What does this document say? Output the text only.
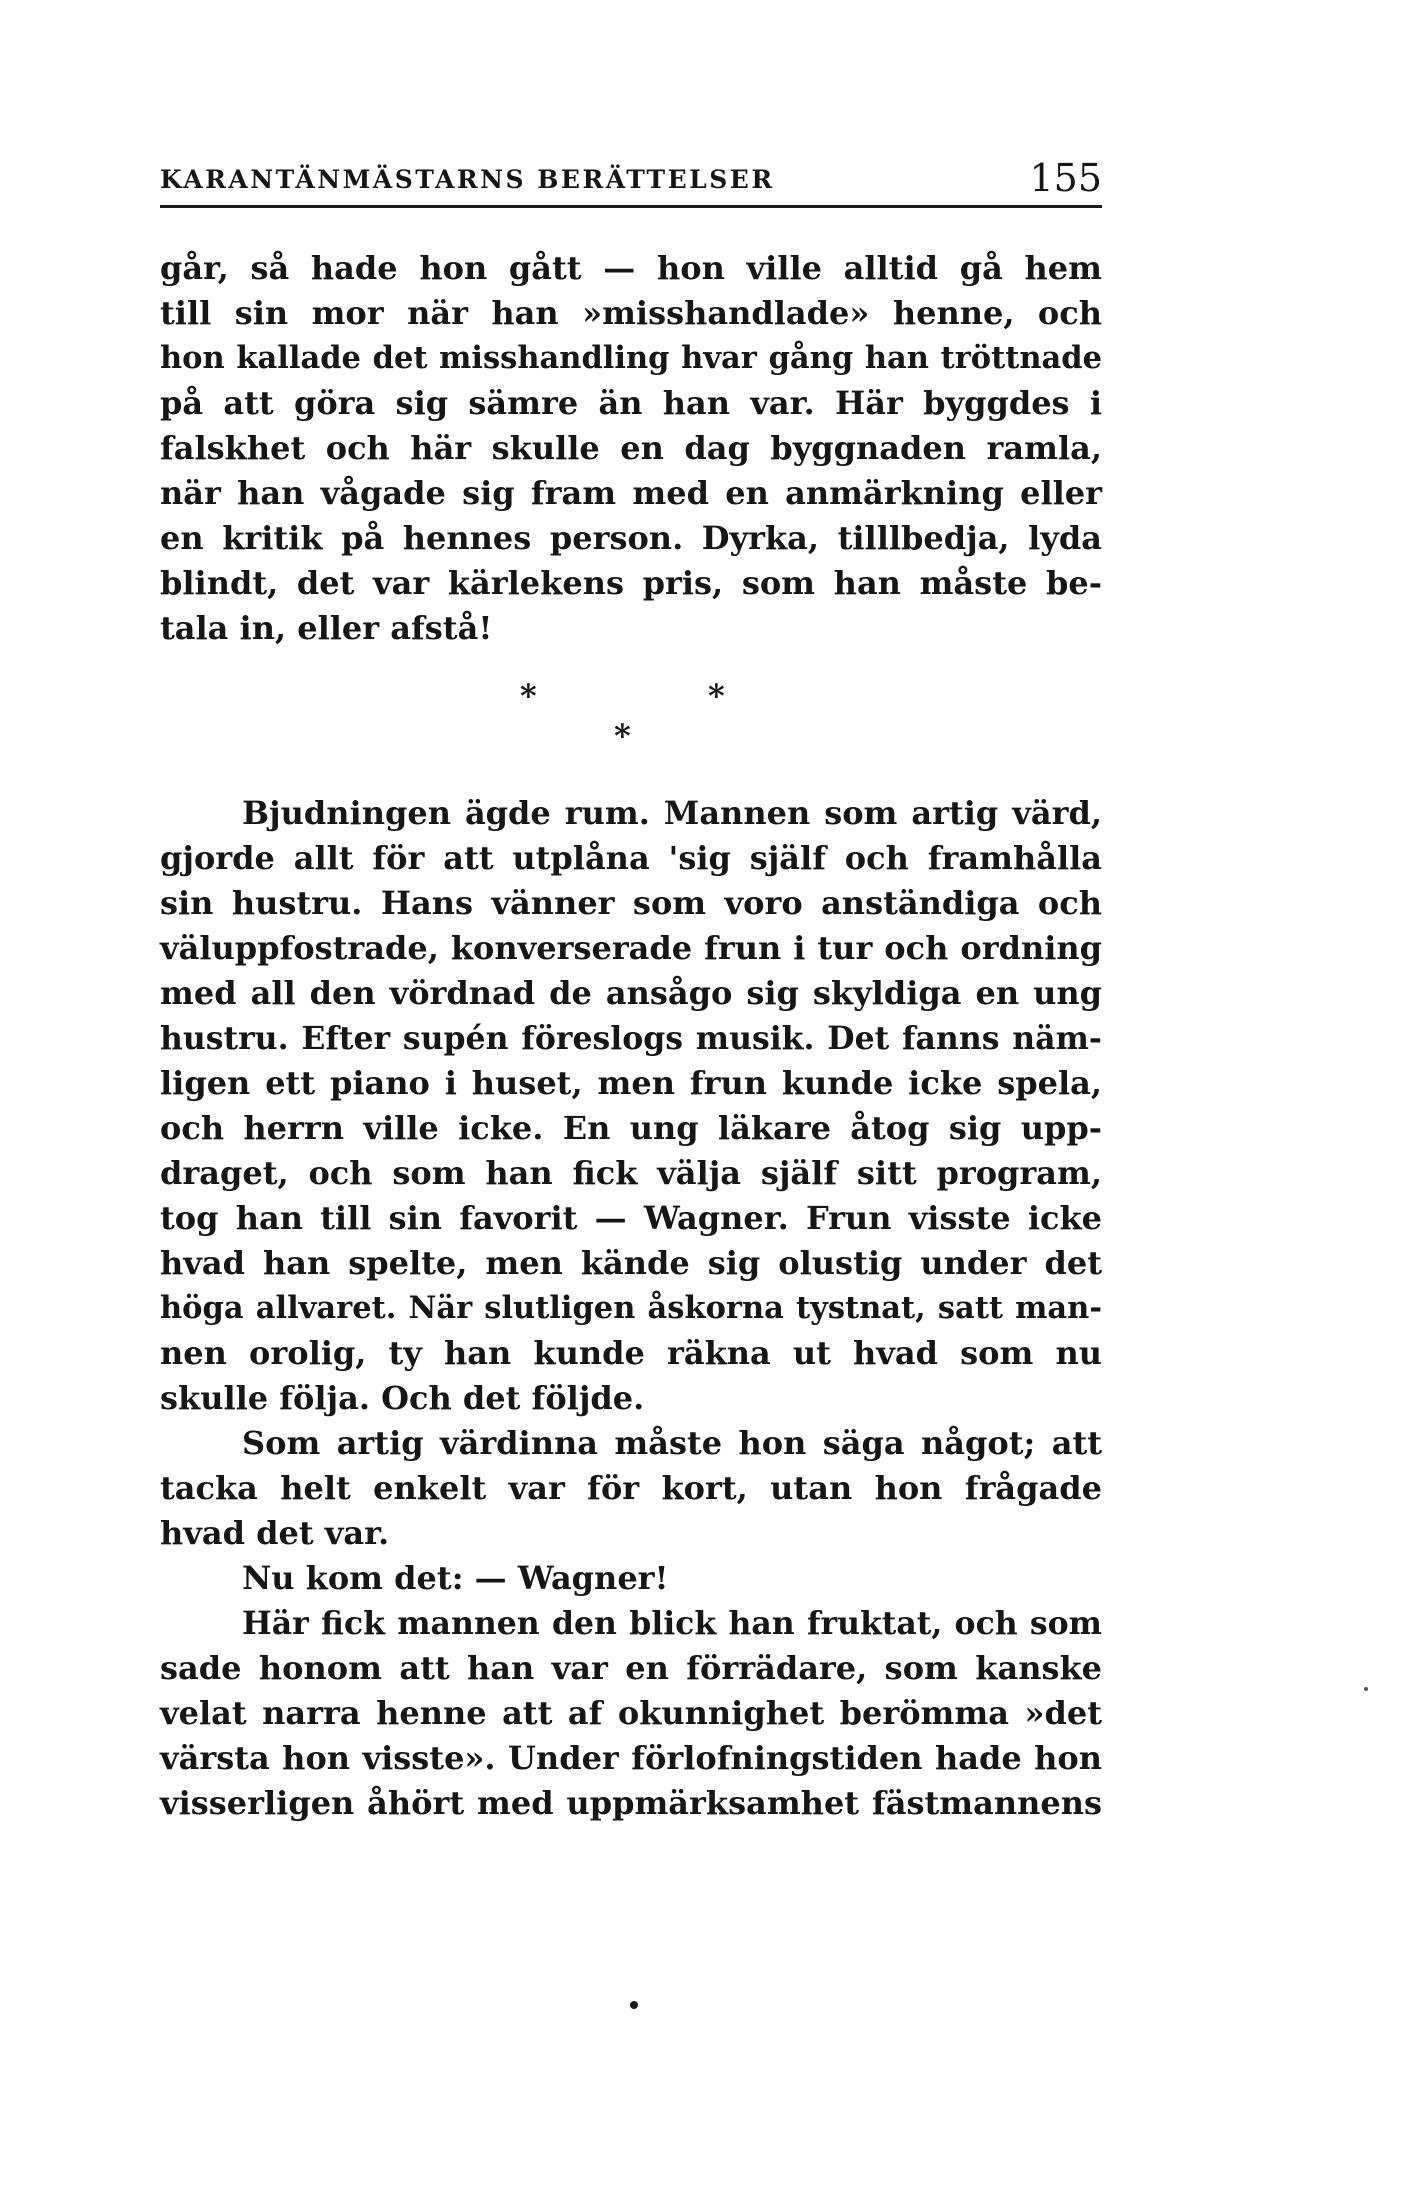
KARANTÄNMÄSTARNS BERÄTTELSER	155
går, så hade hon gått — hon ville alltid gå hem
till sin mor när han »misshandlade» henne, och
hon kallade det misshandling hvar gång han tröttnade
på att göra sig sämre än han var. Här byggdes i
falskhet och här skulle en dag byggnaden ramla,
när han vågade sig fram med en anmärkning eller
en kritik på hennes person. Dyrka, tilllbedja, lyda
blindt, det var kärlekens pris, som han måste be-
tala in, eller afstå!
*	*
*
Bjudningen ägde rum. Mannen som artig värd,
gjorde allt för att utplåna 'sig själf och framhålla
sin hustru. Hans vänner som voro anständiga och
väluppfostrade, konverserade frun i tur och ordning
med all den vördnad de ansågo sig skyldiga en ung
hustru. Efter supén föreslogs musik. Det fanns näm-
ligen ett piano i huset, men frun kunde icke spela,
och herrn ville icke. En ung läkare åtog sig upp-
draget, och som han fick välja själf sitt program,
tog han till sin favorit — Wagner. Frun visste icke
hvad han spelte, men kände sig olustig under det
höga allvaret. När slutligen åskorna tystnat, satt man-
nen orolig, ty han kunde räkna ut hvad som nu
skulle följa. Och det följde.
Som artig värdinna måste hon säga något; att
tacka helt enkelt var för kort, utan hon frågade
hvad det var.
Nu kom det: — Wagner!
Här fick mannen den blick han fruktat, och som
sade honom att han var en förrädare, som kanske
velat narra henne att af okunnighet berömma »det
värsta hon visste». Under förlofningstiden hade hon
visserligen åhört med uppmärksamhet fästmannens
